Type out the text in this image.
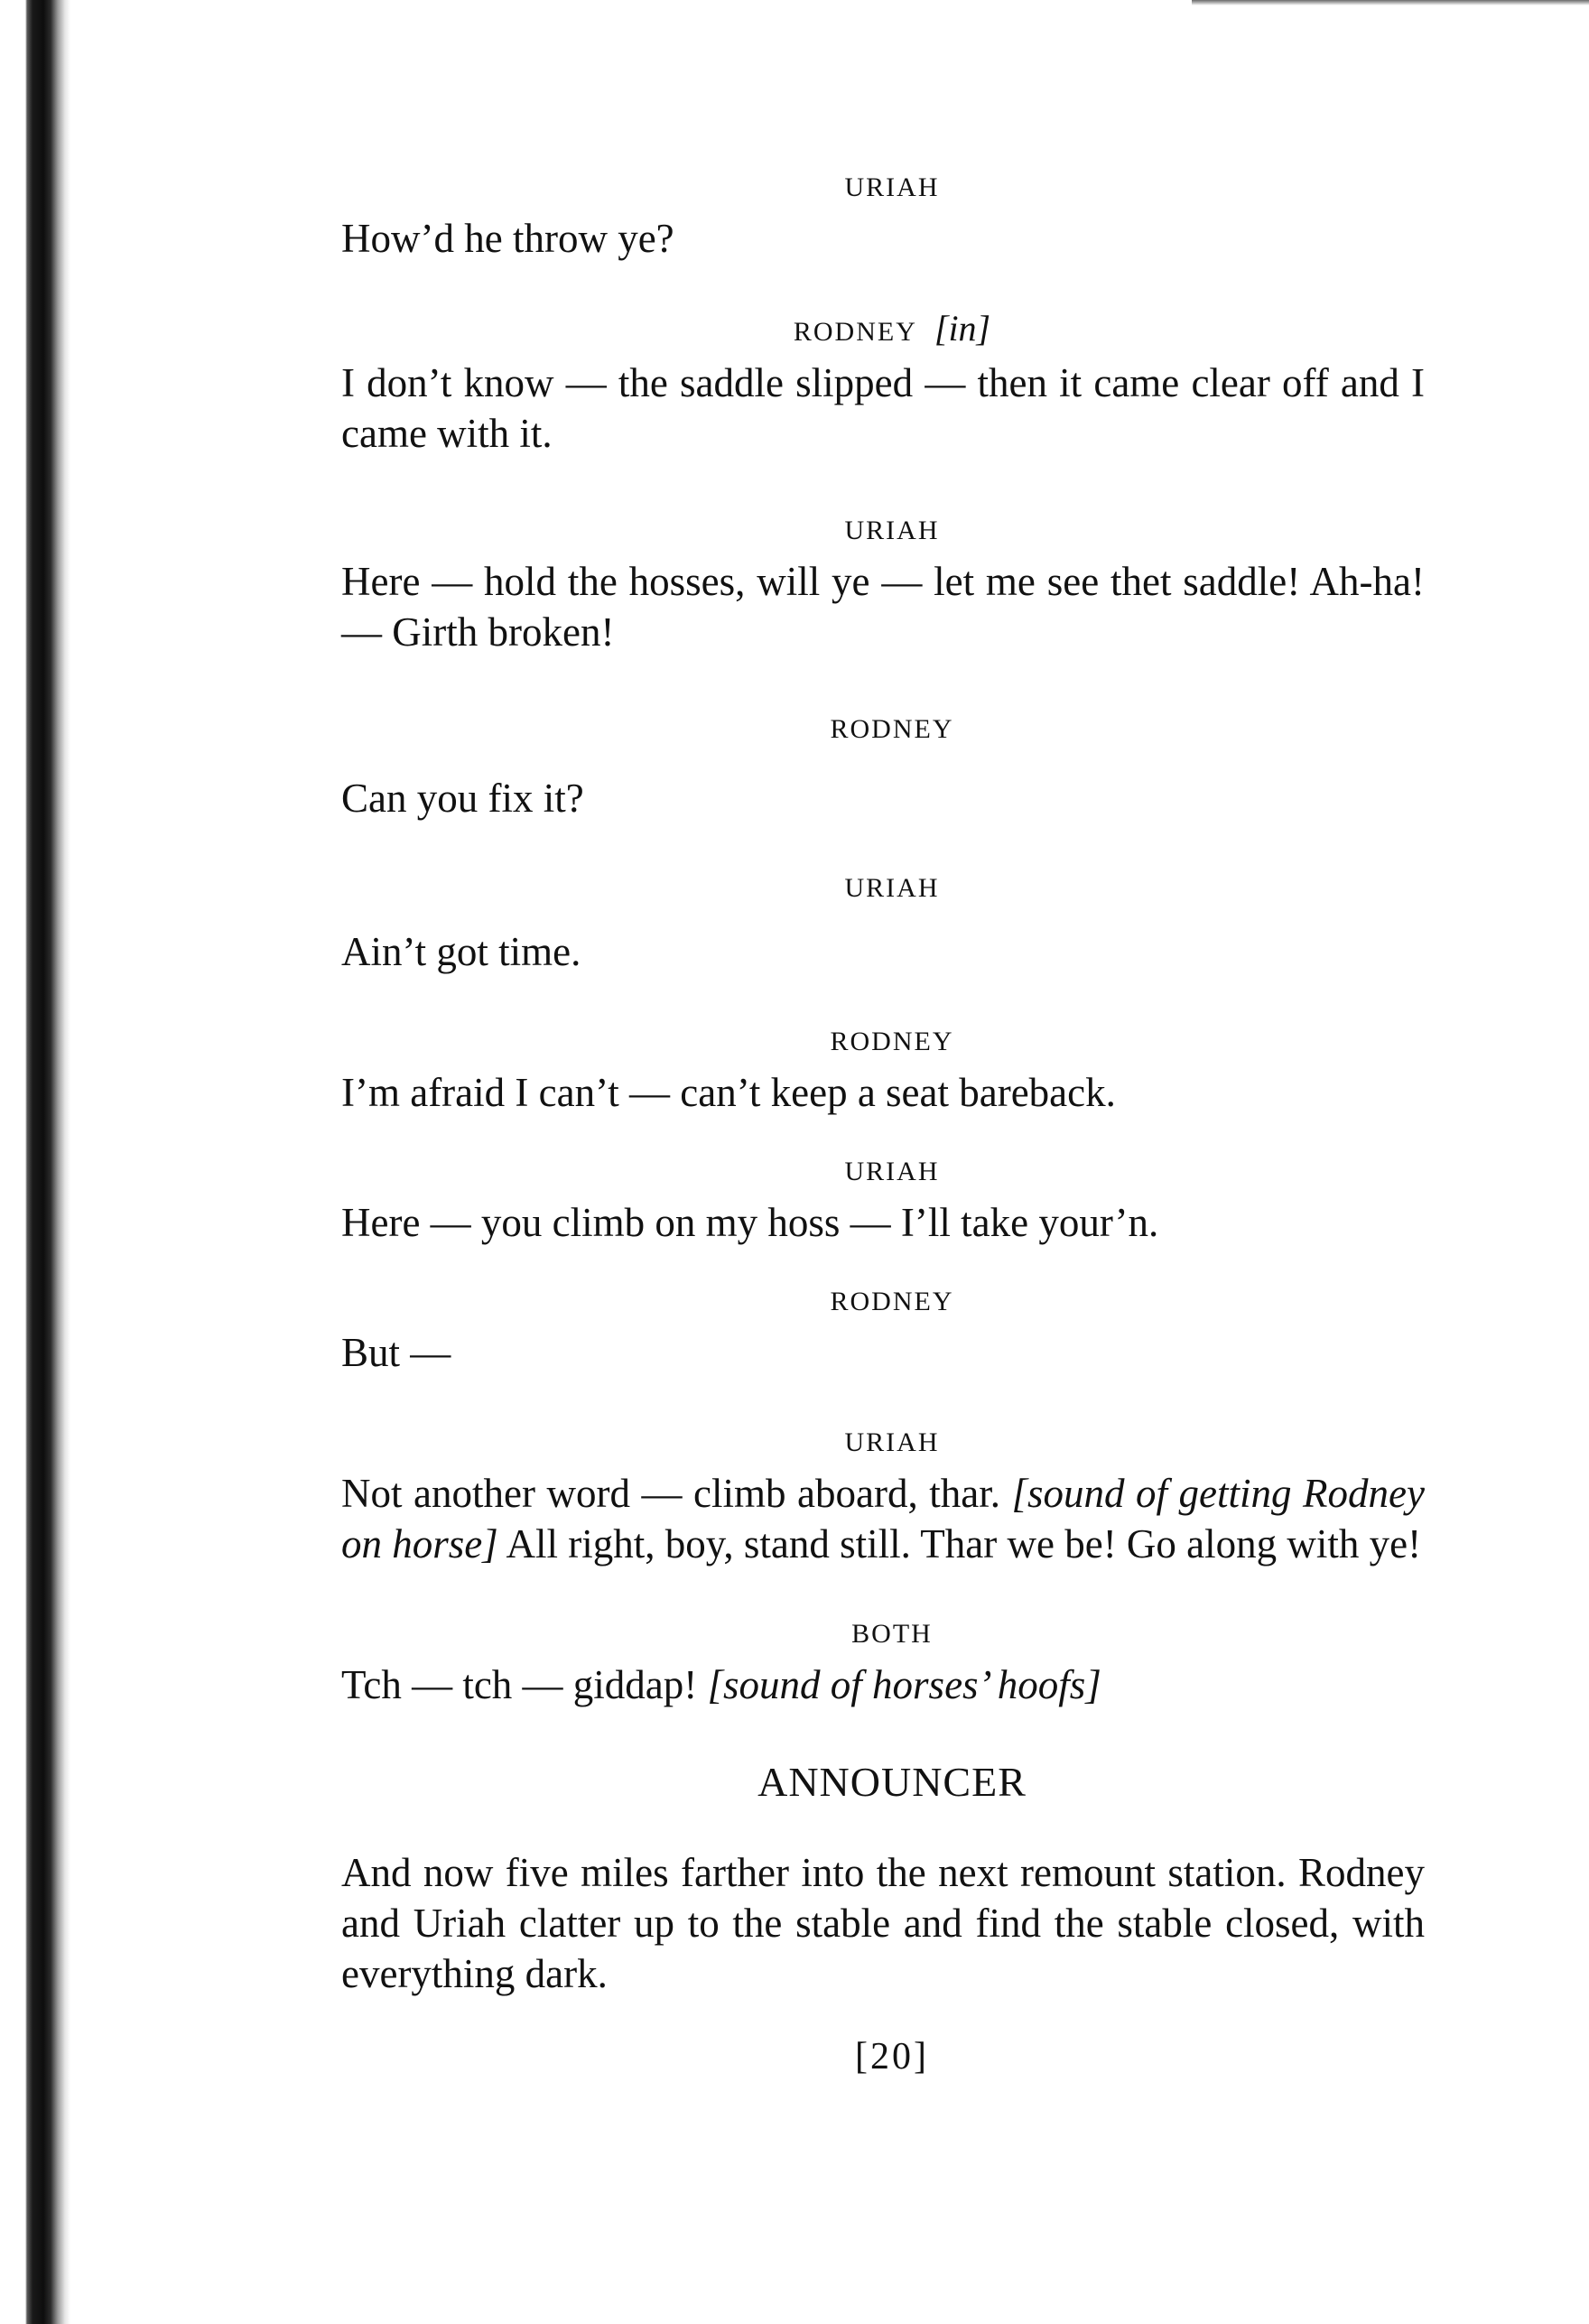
URIAH

How’d he throw ye?

RODNEY [in]

I don’t know — the saddle slipped — then it came clear off and I came with it.

URIAH

Here — hold the hosses, will ye — let me see thet saddle! Ah-ha! — Girth broken!

RODNEY

Can you fix it?

URIAH

Ain’t got time.

RODNEY

I’m afraid I can’t — can’t keep a seat bareback.

URIAH

Here — you climb on my hoss — I’ll take your’n.

RODNEY

But —

URIAH

Not another word — climb aboard, thar. [sound of getting Rodney on horse] All right, boy, stand still. Thar we be! Go along with ye!

BOTH

Tch — tch — giddap! [sound of horses’ hoofs]

ANNOUNCER

And now five miles farther into the next remount station. Rodney and Uriah clatter up to the stable and find the stable closed, with everything dark.

[20]
